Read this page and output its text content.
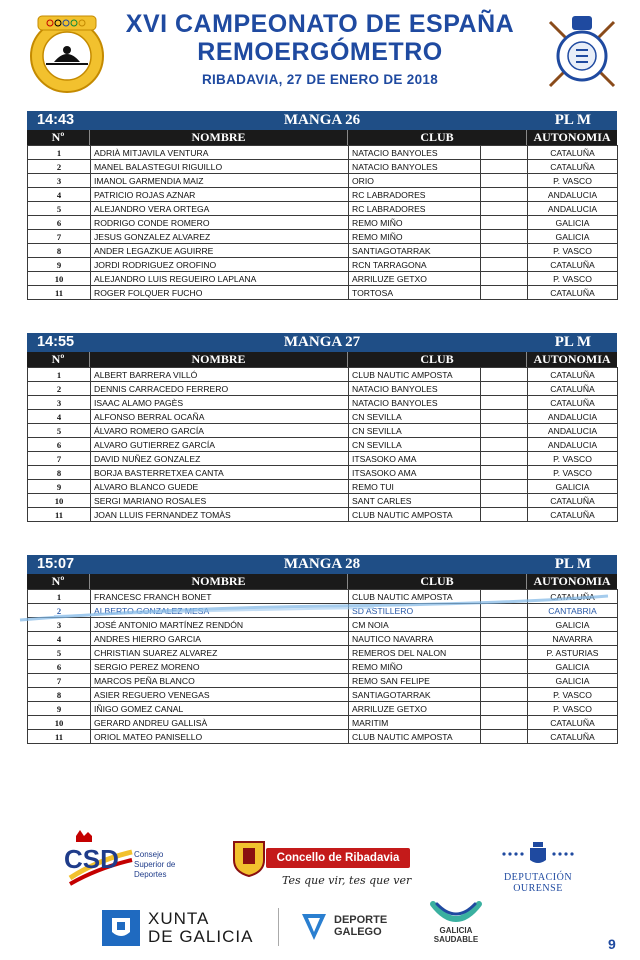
XVI CAMPEONATO DE ESPAÑA
REMOERGÓMETRO
RIBADAVIA, 27 DE ENERO DE 2018
MANGA 26
14:43	PL M
Nº	NOMBRE	CLUB	AUTONOMIA
1	ADRIÀ MITJAVILA VENTURA	NATACIO BANYOLES		CATALUÑA
2	MANEL BALASTEGUI RIGUILLO	NATACIO BANYOLES		CATALUÑA
3	IMANOL GARMENDIA MAIZ	ORIO		P. VASCO
4	PATRICIO ROJAS AZNAR	RC LABRADORES		ANDALUCIA
5	ALEJANDRO VERA ORTEGA	RC LABRADORES		ANDALUCIA
6	RODRIGO CONDE ROMERO	REMO MIÑO		GALICIA
7	JESUS GONZALEZ ALVAREZ	REMO MIÑO		GALICIA
8	ANDER LEGAZKUE AGUIRRE	SANTIAGOTARRAK		P. VASCO
9	JORDI RODRIGUEZ OROFINO	RCN TARRAGONA		CATALUÑA
10	ALEJANDRO LUIS REGUEIRO LAPLANA	ARRILUZE GETXO		P. VASCO
11	ROGER FOLQUER FUCHO	TORTOSA		CATALUÑA
MANGA 27
14:55	PL M
Nº	NOMBRE	CLUB	AUTONOMIA
1	ALBERT BARRERA VILLÓ	CLUB NAUTIC AMPOSTA		CATALUÑA
2	DENNIS CARRACEDO FERRERO	NATACIO BANYOLES		CATALUÑA
3	ISAAC ALAMO PAGÈS	NATACIO BANYOLES		CATALUÑA
4	ALFONSO BERRAL OCAÑA	CN SEVILLA		ANDALUCIA
5	ÁLVARO ROMERO GARCÍA	CN SEVILLA		ANDALUCIA
6	ALVARO GUTIERREZ GARCÍA	CN SEVILLA		ANDALUCIA
7	DAVID NUÑEZ GONZALEZ	ITSASOKO AMA		P. VASCO
8	BORJA BASTERRETXEA CANTA	ITSASOKO AMA		P. VASCO
9	ALVARO BLANCO GUEDE	REMO TUI		GALICIA
10	SERGI MARIANO ROSALES	SANT CARLES		CATALUÑA
11	JOAN LLUIS FERNANDEZ TOMÀS	CLUB NAUTIC AMPOSTA		CATALUÑA
MANGA 28
15:07	PL M
Nº	NOMBRE	CLUB	AUTONOMIA
1	FRANCESC FRANCH BONET	CLUB NAUTIC AMPOSTA		CATALUÑA
2	ALBERTO GONZALEZ MESA	SD ASTILLERO		CANTABRIA
3	JOSÉ ANTONIO MARTÍNEZ RENDÓN	CM NOIA		GALICIA
4	ANDRES HIERRO GARCIA	NAUTICO NAVARRA		NAVARRA
5	CHRISTIAN SUAREZ ALVAREZ	REMEROS DEL NALON		P. ASTURIAS
6	SERGIO PEREZ MORENO	REMO MIÑO		GALICIA
7	MARCOS PEÑA BLANCO	REMO SAN FELIPE		GALICIA
8	ASIER REGUERO VENEGAS	SANTIAGOTARRAK		P. VASCO
9	IÑIGO GOMEZ CANAL	ARRILUZE GETXO		P. VASCO
10	GERARD ANDREU GALLISÀ	MARITIM		CATALUÑA
11	ORIOL MATEO PANISELLO	CLUB NAUTIC AMPOSTA		CATALUÑA
CSD Consejo
Superior de
Deportes
Concello de Ribadavia
Tes que vir, tes que ver	DEPUTACIÓN
OURENSE
XUNTA
DE GALICIA
DEPORTE
GALEGO	GALICIA
SAUDABLE	9
